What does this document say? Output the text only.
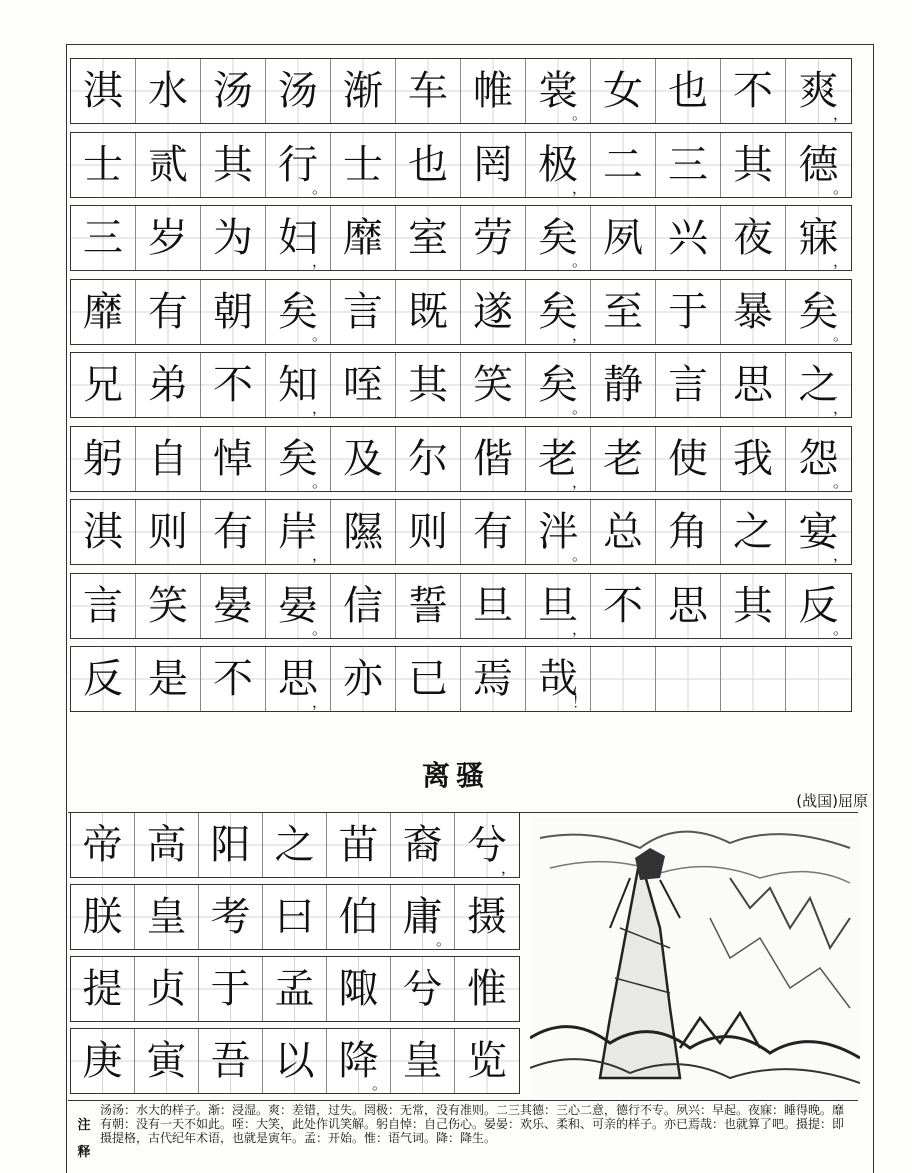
淇 水 汤 汤 渐 车 帷 裳
。 女 也 不 爽
，
士 贰 其 行
。 士 也 罔 极
， 二 三 其 德
。
三 岁 为 妇
， 靡 室 劳 矣
。 夙 兴 夜 寐
，
靡 有 朝 矣
。 言 既 遂 矣
， 至 于 暴 矣
。
兄 弟 不 知
， 咥 其 笑 矣
。 静 言 思 之
，
躬 自 悼 矣
。 及 尔 偕 老
， 老 使 我 怨
。
淇 则 有 岸
， 隰 则 有 泮
。 总 角 之 宴
，
言 笑 晏 晏
。 信 誓 旦 旦
， 不 思 其 反
。
反 是 不 思
， 亦 已 焉 哉
！
离骚
(战国)屈原
帝 高 阳 之 苗 裔 兮
，
朕 皇 考 曰 伯 庸
。 摄
提 贞 于 孟 陬 兮 惟
庚 寅 吾 以 降
。 皇 览
注
释
汤汤：水大的样子。渐：浸湿。爽：差错，过失。罔极：无常，没有准则。二三其德：三心二意，德行不专。夙兴：早起。夜寐：睡得晚。靡有朝：没有一天不如此。咥：大笑，此处作讥笑解。躬自悼：自己伤心。晏晏：欢乐、柔和、可亲的样子。亦已焉哉：也就算了吧。摄提：即摄提格，古代纪年术语，也就是寅年。孟：开始。惟：语气词。降：降生。
